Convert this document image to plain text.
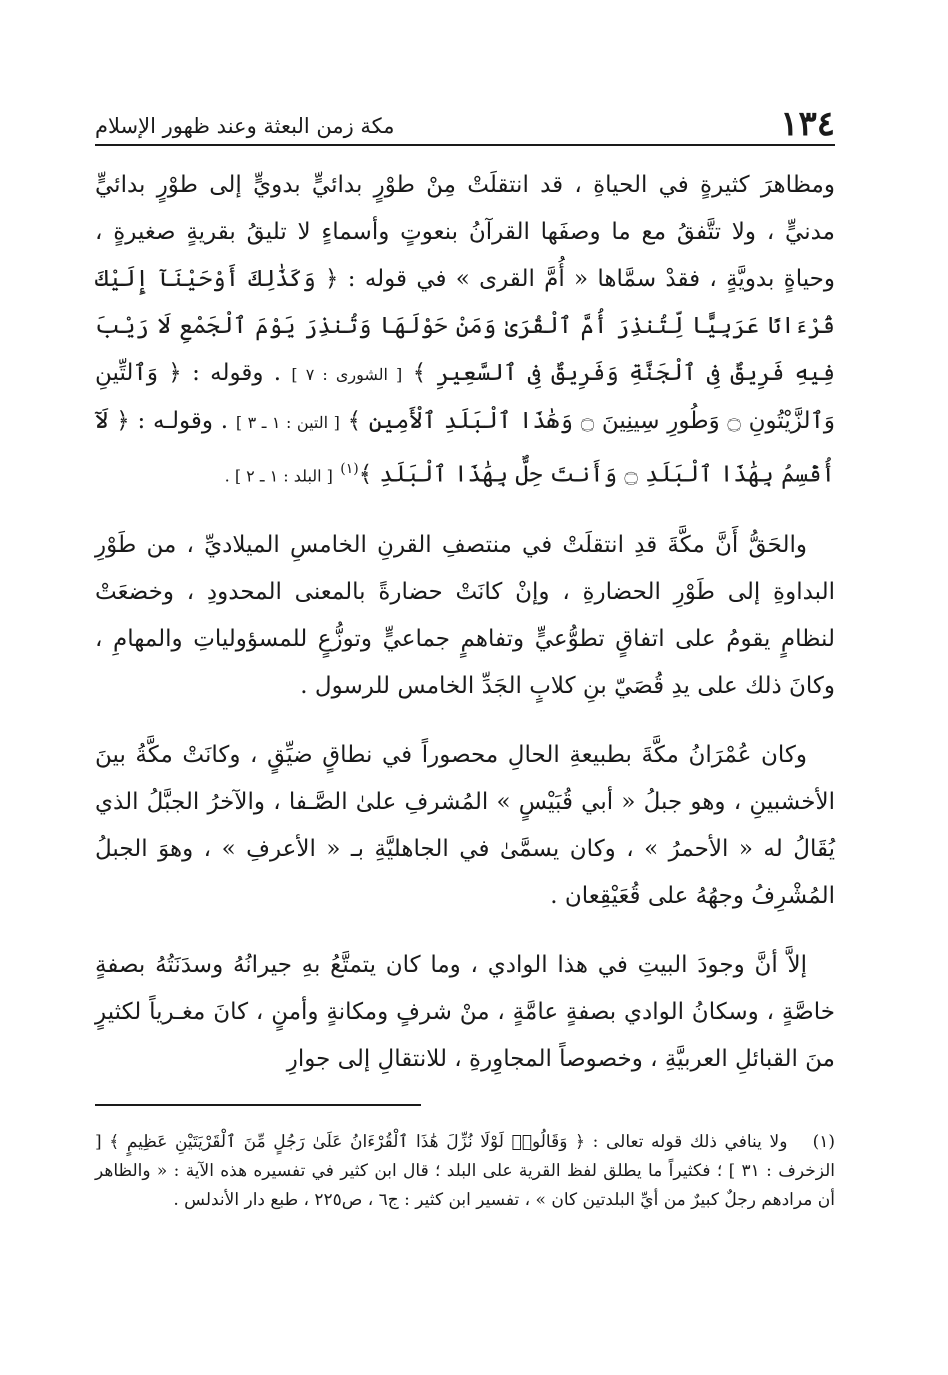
١٣٤
مكة زمن البعثة وعند ظهور الإسلام

ومظاهرَ كثيرةٍ في الحياةِ ، قد انتقلَتْ مِنْ طوْرٍ بدائيٍّ بدويٍّ إلى طوْرٍ بدائيٍّ مدنيٍّ ، ولا تتَّفقُ مع ما وصفَها القرآنُ بنعوتٍ وأسماءٍ لا تليقُ بقريةٍ صغيرةٍ ، وحياةٍ بدويَّةٍ ، فقدْ سمَّاها « أُمَّ القرى » في قوله : ﴿ وَكَذَٰلِكَ أَوْحَيْنَآ إِلَيْكَ قُرْءَانًا عَرَبِيًّا لِّتُنذِرَ أُمَّ ٱلْقُرَىٰ وَمَنْ حَوْلَهَا وَتُنذِرَ يَوْمَ ٱلْجَمْعِ لَا رَيْبَ فِيهِ فَرِيقٌ فِى ٱلْجَنَّةِ وَفَرِيقٌ فِى ٱلسَّعِيرِ ﴾ [ الشورى : ٧ ] . وقوله : ﴿ وَٱلتِّينِ وَٱلزَّيْتُونِ ۝ وَطُورِ سِينِينَ ۝ وَهَٰذَا ٱلْبَلَدِ ٱلْأَمِينِ ﴾ [ التين : ١ ـ ٣ ] . وقولـه : ﴿ لَآ أُقْسِمُ بِهَٰذَا ٱلْبَلَدِ ۝ وَأَنتَ حِلٌّ بِهَٰذَا ٱلْبَلَدِ ﴾$^{(١)}$ [ البلد : ١ ـ ٢ ] .

والحَقُّ أَنَّ مكَّةَ قدِ انتقلَتْ في منتصفِ القرنِ الخامسِ الميلاديِّ ، من طَوْرِ البداوةِ إلى طَوْرِ الحضارةِ ، وإنْ كانَتْ حضارةً بالمعنى المحدودِ ، وخضعَتْ لنظامٍ يقومُ على اتفاقٍ تطوُّعيٍّ وتفاهمٍ جماعيٍّ وتوزُّعٍ للمسؤولياتِ والمهامِ ، وكانَ ذلك على يدِ قُصَيّ بنِ كلابٍ الجَدِّ الخامس للرسول .

وكان عُمْرَانُ مكَّةَ بطبيعةِ الحالِ محصوراً في نطاقٍ ضيِّقٍ ، وكانَتْ مكَّةُ بينَ الأخشبينِ ، وهو جبلُ « أبي قُبَيْسٍ » المُشرفِ علىٰ الصَّـفا ، والآخرُ الجبَّلُ الذي يُقَالُ له « الأحمرُ » ، وكان يسمَّىٰ في الجاهليَّةِ بـ « الأعرفِ » ، وهوَ الجبلُ المُشْرِفُ وجهُهُ على قُعَيْقِعان .

إلاَّ أنَّ وجودَ البيتِ في هذا الوادي ، وما كان يتمتَّعُ بهِ جيرانُهُ وسدَنَتُهُ بصفةٍ خاصَّةٍ ، وسكانُ الوادي بصفةٍ عامَّةٍ ، منْ شرفٍ ومكانةٍ وأمنٍ ، كانَ مغـرياً لكثيرٍ منَ القبائلِ العربيَّةِ ، وخصوصاً المجاوِرةِ ، للانتقالِ إلى جوارِ

(١) ولا ينافي ذلك قوله تعالى : ﴿ وَقَالُوا۟ لَوْلَا نُزِّلَ هَٰذَا ٱلْقُرْءَانُ عَلَىٰ رَجُلٍ مِّنَ ٱلْقَرْيَتَيْنِ عَظِيمٍ ﴾ [ الزخرف : ٣١ ] ؛ فكثيراً ما يطلق لفظ القرية على البلد ؛ قال ابن كثير في تفسيره هذه الآية : « والظاهر أن مرادهم رجلٌ كبيرٌ من أيِّ البلدتين كان » ، تفسير ابن كثير : ج٦ ، ص٢٢٥ ، طبع دار الأندلس .
